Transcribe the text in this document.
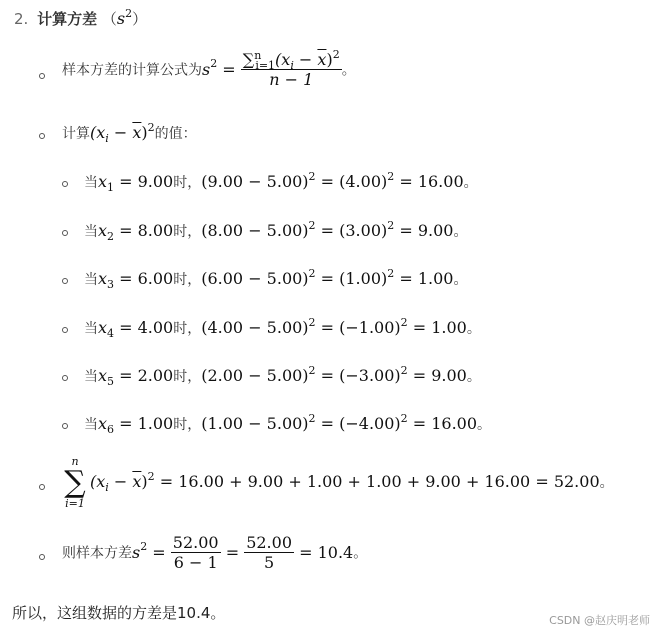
2. 计算方差 $(s^2)$
样本方差的计算公式为$s^2 = \frac{\sum^n_{i=1}(x_i - \overline{x})^2}{n - 1}$ 。
计算$(x_i - \overline{x})^2$的值：
当$x_1 = 9.00$时，$(9.00 - 5.00)^2 = (4.00)^2 = 16.00$。
当$x_2 = 8.00$时，$(8.00 - 5.00)^2 = (3.00)^2 = 9.00$。
当$x_3 = 6.00$时，$(6.00 - 5.00)^2 = (1.00)^2 = 1.00$。
当$x_4 = 4.00$时，$(4.00 - 5.00)^2 = (-1.00)^2 = 1.00$。
当$x_5 = 2.00$时，$(2.00 - 5.00)^2 = (-3.00)^2 = 9.00$。
当$x_6 = 1.00$时，$(1.00 - 5.00)^2 = (-4.00)^2 = 16.00$。
n
∑
i=1
$(x_i - \overline{x})^2 = 16.00 + 9.00 + 1.00 + 1.00 + 9.00 + 16.00 = 52.00$。
则样本方差$s^2 = \frac{52.00}{6 - 1} = \frac{52.00}{5} = 10.4$。
所以，这组数据的方差是10.4。	CSDN @赵庆明老师
